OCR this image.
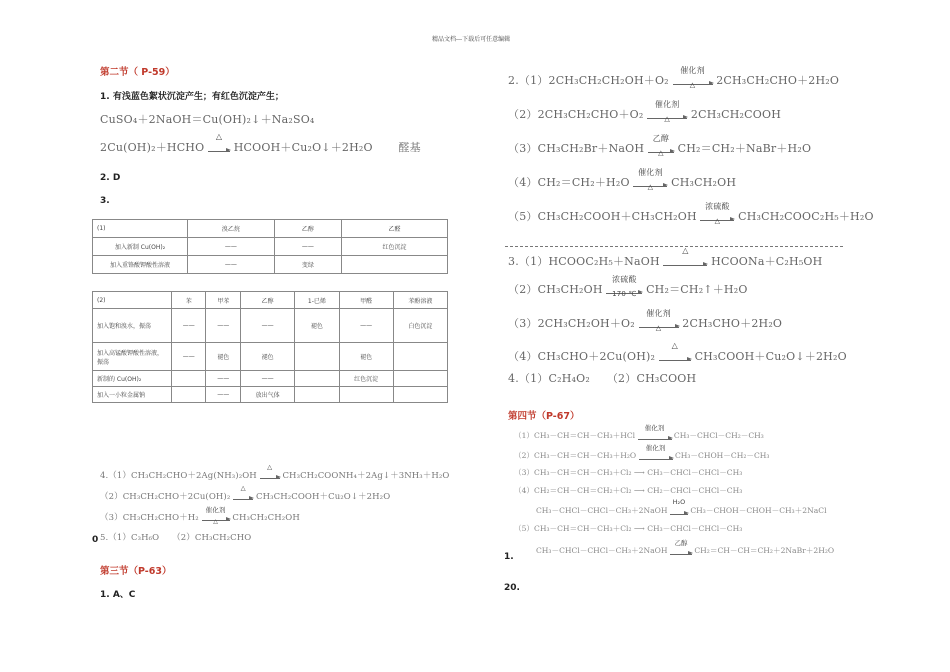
精品文档---下载后可任意编辑
第二节（ P-59）
1. 有浅蓝色絮状沉淀产生；有红色沉淀产生；
CuSO₄＋2NaOH＝Cu(OH)₂↓＋Na₂SO₄
2Cu(OH)₂＋HCHO
△
HCOOH＋Cu₂O↓＋2H₂O 醛基
2. D
3.
(1)	溴乙烷	乙醇	乙醛
加入新制 Cu(OH)₂	——	——	红色沉淀
加入重铬酸钾酸性溶液	——	变绿	
(2)	苯	甲苯	乙醇	1-已烯	甲醛	苯酚溶液
加入饱和溴水，振荡	——	——	——	褪色	——	白色沉淀
加入高锰酸钾酸性溶液，振荡	——	褪色	褪色		褪色	
新制的 Cu(OH)₂		——	——		红色沉淀	
加入一小粒金属钠		——	放出气体			
4.（1）CH₃CH₂CHO＋2Ag(NH₃)₂OH
△
CH₃CH₂COONH₄＋2Ag↓＋3NH₃＋H₂O
（2）CH₃CH₂CHO＋2Cu(OH)₂
△
CH₃CH₂COOH＋Cu₂O↓＋2H₂O
（3）CH₃CH₂CHO＋H₂
催化剂
△	CH₃CH₂CH₂OH
5.（1）C₃H₆O　　（2）CH₃CH₂CHO
0
第三节（P-63）
1. A、C
2.（1）2CH₃CH₂CH₂OH＋O₂
催化剂
△	2CH₃CH₂CHO＋2H₂O
（2）2CH₃CH₂CHO＋O₂
催化剂
△	2CH₃CH₂COOH
（3）CH₃CH₂Br＋NaOH
乙醇
△	CH₂＝CH₂＋NaBr＋H₂O
（4）CH₂＝CH₂＋H₂O
催化剂
△	CH₃CH₂OH
（5）CH₃CH₂COOH＋CH₃CH₂OH
浓硫酸
△	CH₃CH₂COOC₂H₅＋H₂O
3.（1）HCOOC₂H₅＋NaOH
△
HCOONa＋C₂H₅OH
（2）CH₃CH₂OH
浓硫酸
170 ℃ CH₂＝CH₂↑＋H₂O
（3）2CH₃CH₂OH＋O₂
催化剂
△	2CH₃CHO＋2H₂O
（4）CH₃CHO＋2Cu(OH)₂
△
CH₃COOH＋Cu₂O↓＋2H₂O
4.（1）C₂H₄O₂　　（2）CH₃COOH
第四节（P-67）
（1）CH₃－CH＝CH－CH₃＋HCl
催化剂
CH₃－CHCl－CH₂－CH₃
（2）CH₃－CH＝CH－CH₃＋H₂O
催化剂
CH₃－CHOH－CH₂－CH₃
（3）CH₃－CH＝CH－CH₃＋Cl₂ ⟶ CH₃－CHCl－CHCl－CH₃
（4）CH₂＝CH－CH＝CH₂＋Cl₂ ⟶ CH₂－CHCl－CHCl－CH₃
CH₃－CHCl－CHCl－CH₃＋2NaOH
H₂O
CH₃－CHOH－CHOH－CH₃＋2NaCl
（5）CH₃－CH＝CH－CH₃＋Cl₂ ⟶ CH₃－CHCl－CHCl－CH₃
CH₃－CHCl－CHCl－CH₃＋2NaOH
乙醇
CH₂＝CH－CH＝CH₂＋2NaBr＋2H₂O
1.
20.
